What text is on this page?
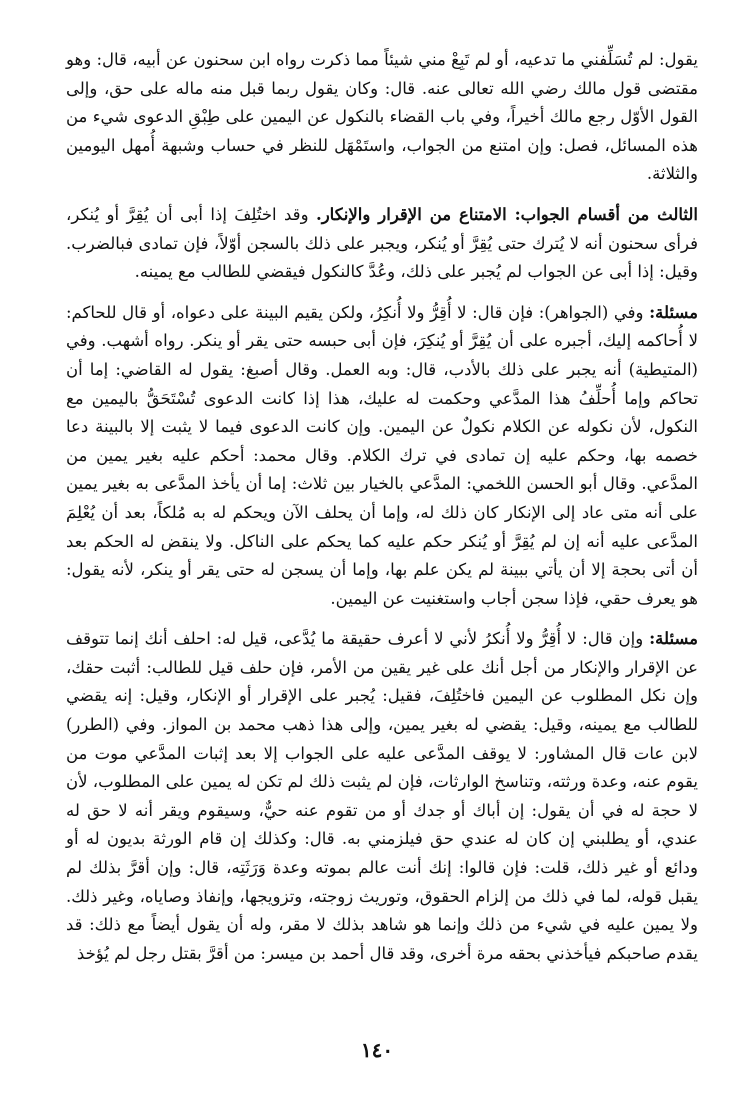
يقول: لم تُسَلِّفني ما تدعيه، أو لم تَبِعْ مني شيئاً مما ذكرت رواه ابن سحنون عن أبيه، قال: وهو مقتضى قول مالك رضي الله تعالى عنه. قال: وكان يقول ربما قبل منه ماله على حق، وإلى القول الأوّل رجع مالك أخيراً، وفي باب القضاء بالنكول عن اليمين على طِبْقِ الدعوى شيء من هذه المسائل، فصل: وإن امتنع من الجواب، واستَمْهَل للنظر في حساب وشبهة أُمهل اليومين والثلاثة.

الثالث من أقسام الجواب: الامتناع من الإقرار والإنكار. وقد اختُلِفَ إذا أبى أن يُقِرَّ أو يُنكر، فرأى سحنون أنه لا يُترك حتى يُقِرَّ أو يُنكر، ويجبر على ذلك بالسجن أوّلاً، فإن تمادى فبالضرب. وقيل: إذا أبى عن الجواب لم يُجبر على ذلك، وعُدَّ كالنكول فيقضي للطالب مع يمينه.

مسئلة: وفي (الجواهر): فإن قال: لا أُقِرُّ ولا أُنكِرُ، ولكن يقيم البينة على دعواه، أو قال للحاكم: لا أُحاكمه إليك، أجبره على أن يُقِرَّ أو يُنكِرَ، فإن أبى حبسه حتى يقر أو ينكر. رواه أشهب. وفي (المتيطية) أنه يجبر على ذلك بالأدب، قال: وبه العمل. وقال أصبغ: يقول له القاضي: إما أن تحاكم وإما أُحلِّفُ هذا المدَّعي وحكمت له عليك، هذا إذا كانت الدعوى تُسْتَحَقُّ باليمين مع النكول، لأن نكوله عن الكلام نكولٌ عن اليمين. وإن كانت الدعوى فيما لا يثبت إلا بالبينة دعا خصمه بها، وحكم عليه إن تمادى في ترك الكلام. وقال محمد: أحكم عليه بغير يمين من المدَّعي. وقال أبو الحسن اللخمي: المدَّعي بالخيار بين ثلاث: إما أن يأخذ المدَّعى به بغير يمين على أنه متى عاد إلى الإنكار كان ذلك له، وإما أن يحلف الآن ويحكم له به مُلكاً، بعد أن يُعْلِمَ المدَّعى عليه أنه إن لم يُقِرَّ أو يُنكر حكم عليه كما يحكم على الناكل. ولا ينقض له الحكم بعد أن أتى بحجة إلا أن يأتي ببينة لم يكن علم بها، وإما أن يسجن له حتى يقر أو ينكر، لأنه يقول: هو يعرف حقي، فإذا سجن أجاب واستغنيت عن اليمين.

مسئلة: وإن قال: لا أُقِرُّ ولا أُنكرُ لأني لا أعرف حقيقة ما يُدَّعى، قيل له: احلف أنك إنما تتوقف عن الإقرار والإنكار من أجل أنك على غير يقين من الأمر، فإن حلف قيل للطالب: أثبت حقك، وإن نكل المطلوب عن اليمين فاختُلِفَ، فقيل: يُجبر على الإقرار أو الإنكار، وقيل: إنه يقضي للطالب مع يمينه، وقيل: يقضي له بغير يمين، وإلى هذا ذهب محمد بن المواز. وفي (الطرر) لابن عات قال المشاور: لا يوقف المدَّعى عليه على الجواب إلا بعد إثبات المدَّعي موت من يقوم عنه، وعدة ورثته، وتناسخ الوارثات، فإن لم يثبت ذلك لم تكن له يمين على المطلوب، لأن لا حجة له في أن يقول: إن أباك أو جدك أو من تقوم عنه حيٌّ، وسيقوم ويقر أنه لا حق له عندي، أو يطلبني إن كان له عندي حق فيلزمني به. قال: وكذلك إن قام الورثة بديون له أو ودائع أو غير ذلك، قلت: فإن قالوا: إنك أنت عالم بموته وعدة وَرَثَتِه، قال: وإن أقرَّ بذلك لم يقبل قوله، لما في ذلك من إلزام الحقوق، وتوريث زوجته، وتزويجها، وإنفاذ وصاياه، وغير ذلك. ولا يمين عليه في شيء من ذلك وإنما هو شاهد بذلك لا مقر، وله أن يقول أيضاً مع ذلك: قد يقدم صاحبكم فيأخذني بحقه مرة أخرى، وقد قال أحمد بن ميسر: من أقرَّ بقتل رجل لم يُؤخذ

١٤٠
